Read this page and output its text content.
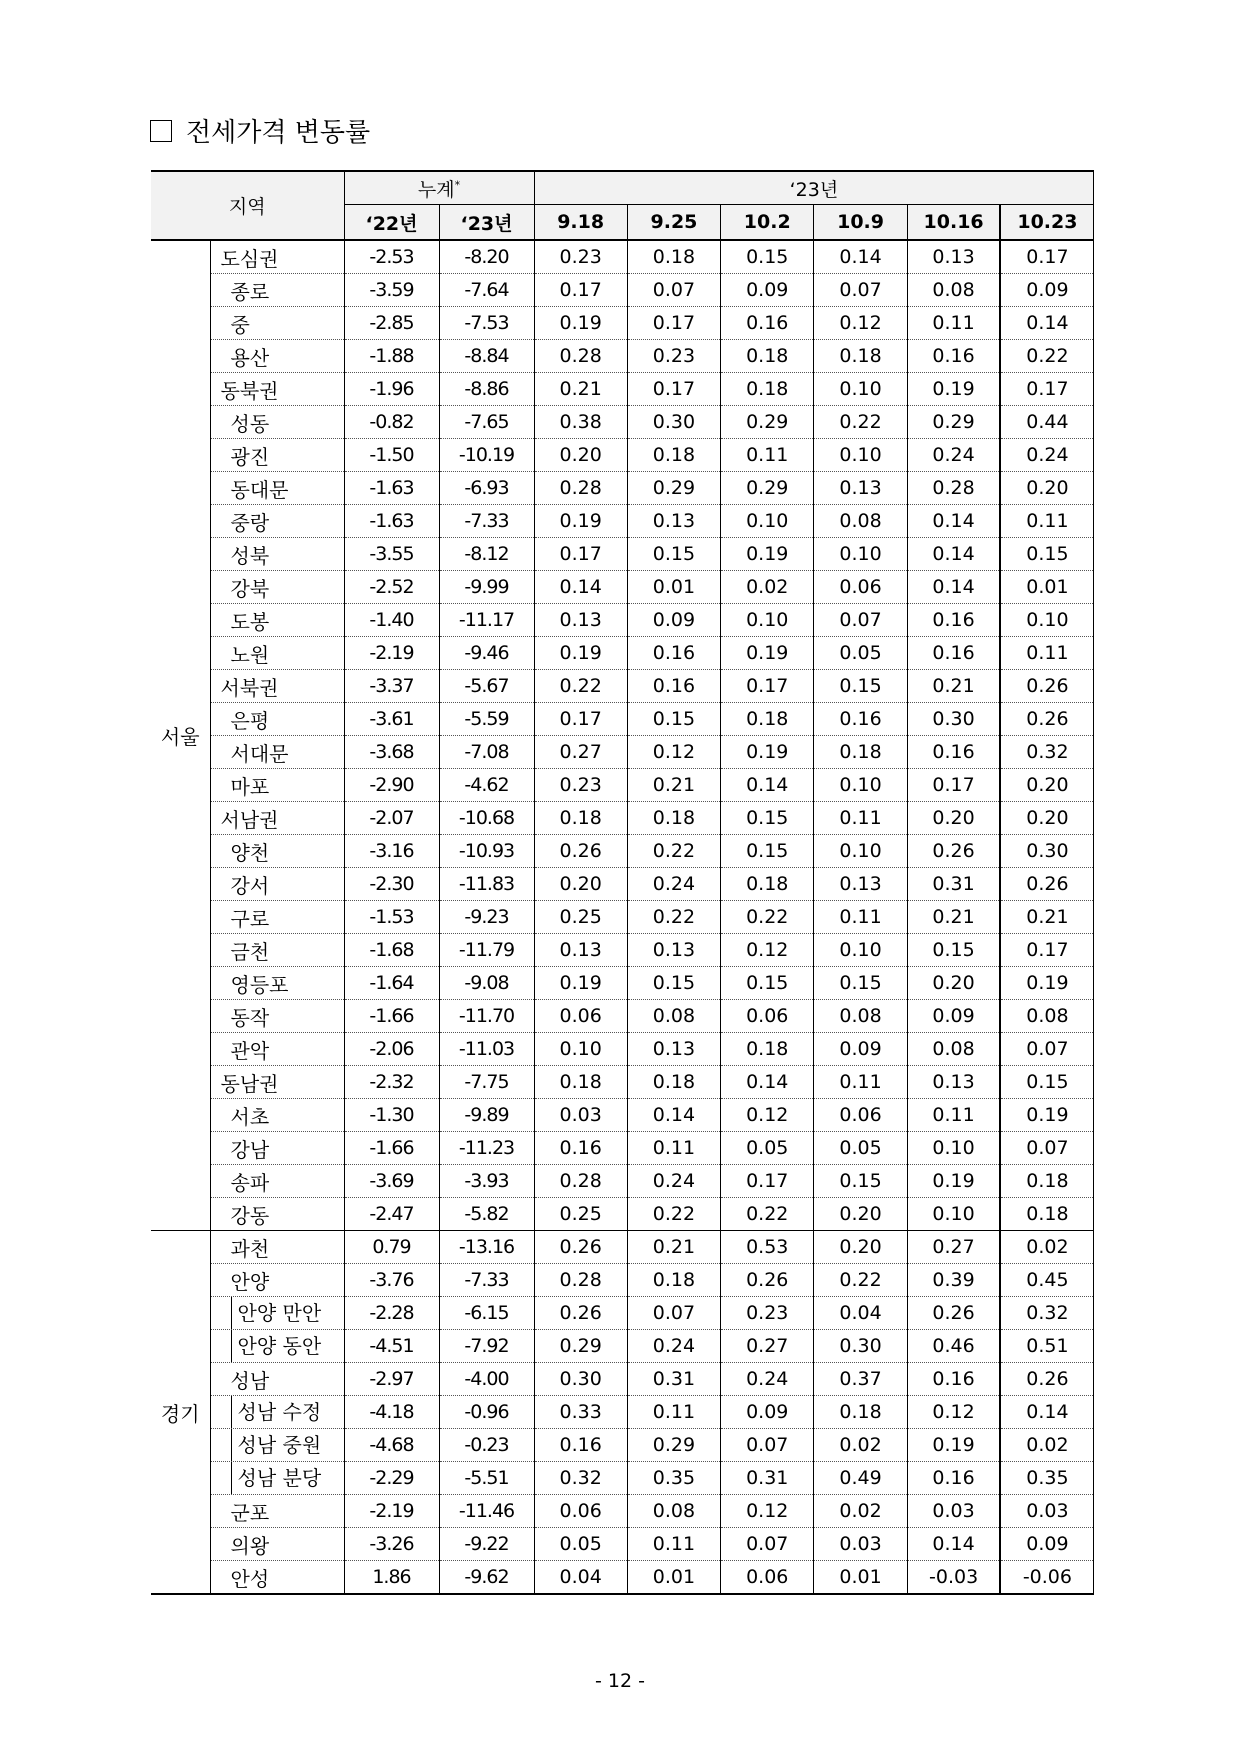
전세가격 변동률
지역		누계*		‘23년					
		‘22년	‘23년	9.18	9.25	10.2	10.9	10.16	10.23
서울	도심권	-2.53	-8.20	0.23	0.18	0.15	0.14	0.13	0.17
	종로	-3.59	-7.64	0.17	0.07	0.09	0.07	0.08	0.09
	중	-2.85	-7.53	0.19	0.17	0.16	0.12	0.11	0.14
	용산	-1.88	-8.84	0.28	0.23	0.18	0.18	0.16	0.22
	동북권	-1.96	-8.86	0.21	0.17	0.18	0.10	0.19	0.17
	성동	-0.82	-7.65	0.38	0.30	0.29	0.22	0.29	0.44
	광진	-1.50	-10.19	0.20	0.18	0.11	0.10	0.24	0.24
	동대문	-1.63	-6.93	0.28	0.29	0.29	0.13	0.28	0.20
	중랑	-1.63	-7.33	0.19	0.13	0.10	0.08	0.14	0.11
	성북	-3.55	-8.12	0.17	0.15	0.19	0.10	0.14	0.15
	강북	-2.52	-9.99	0.14	0.01	0.02	0.06	0.14	0.01
	도봉	-1.40	-11.17	0.13	0.09	0.10	0.07	0.16	0.10
	노원	-2.19	-9.46	0.19	0.16	0.19	0.05	0.16	0.11
	서북권	-3.37	-5.67	0.22	0.16	0.17	0.15	0.21	0.26
	은평	-3.61	-5.59	0.17	0.15	0.18	0.16	0.30	0.26
	서대문	-3.68	-7.08	0.27	0.12	0.19	0.18	0.16	0.32
	마포	-2.90	-4.62	0.23	0.21	0.14	0.10	0.17	0.20
	서남권	-2.07	-10.68	0.18	0.18	0.15	0.11	0.20	0.20
	양천	-3.16	-10.93	0.26	0.22	0.15	0.10	0.26	0.30
	강서	-2.30	-11.83	0.20	0.24	0.18	0.13	0.31	0.26
	구로	-1.53	-9.23	0.25	0.22	0.22	0.11	0.21	0.21
	금천	-1.68	-11.79	0.13	0.13	0.12	0.10	0.15	0.17
	영등포	-1.64	-9.08	0.19	0.15	0.15	0.15	0.20	0.19
	동작	-1.66	-11.70	0.06	0.08	0.06	0.08	0.09	0.08
	관악	-2.06	-11.03	0.10	0.13	0.18	0.09	0.08	0.07
	동남권	-2.32	-7.75	0.18	0.18	0.14	0.11	0.13	0.15
	서초	-1.30	-9.89	0.03	0.14	0.12	0.06	0.11	0.19
	강남	-1.66	-11.23	0.16	0.11	0.05	0.05	0.10	0.07
	송파	-3.69	-3.93	0.28	0.24	0.17	0.15	0.19	0.18
	강동	-2.47	-5.82	0.25	0.22	0.22	0.20	0.10	0.18
경기	과천	0.79	-13.16	0.26	0.21	0.53	0.20	0.27	0.02
	안양	-3.76	-7.33	0.28	0.18	0.26	0.22	0.39	0.45

	안양 만안	-2.28	-6.15	0.26	0.07	0.23	0.04	0.26	0.32

	안양 동안	-4.51	-7.92	0.29	0.24	0.27	0.30	0.46	0.51
	성남	-2.97	-4.00	0.30	0.31	0.24	0.37	0.16	0.26

	성남 수정	-4.18	-0.96	0.33	0.11	0.09	0.18	0.12	0.14

	성남 중원	-4.68	-0.23	0.16	0.29	0.07	0.02	0.19	0.02

	성남 분당	-2.29	-5.51	0.32	0.35	0.31	0.49	0.16	0.35
	군포	-2.19	-11.46	0.06	0.08	0.12	0.02	0.03	0.03
	의왕	-3.26	-9.22	0.05	0.11	0.07	0.03	0.14	0.09
	안성	1.86	-9.62	0.04	0.01	0.06	0.01	-0.03	-0.06
- 12 -
